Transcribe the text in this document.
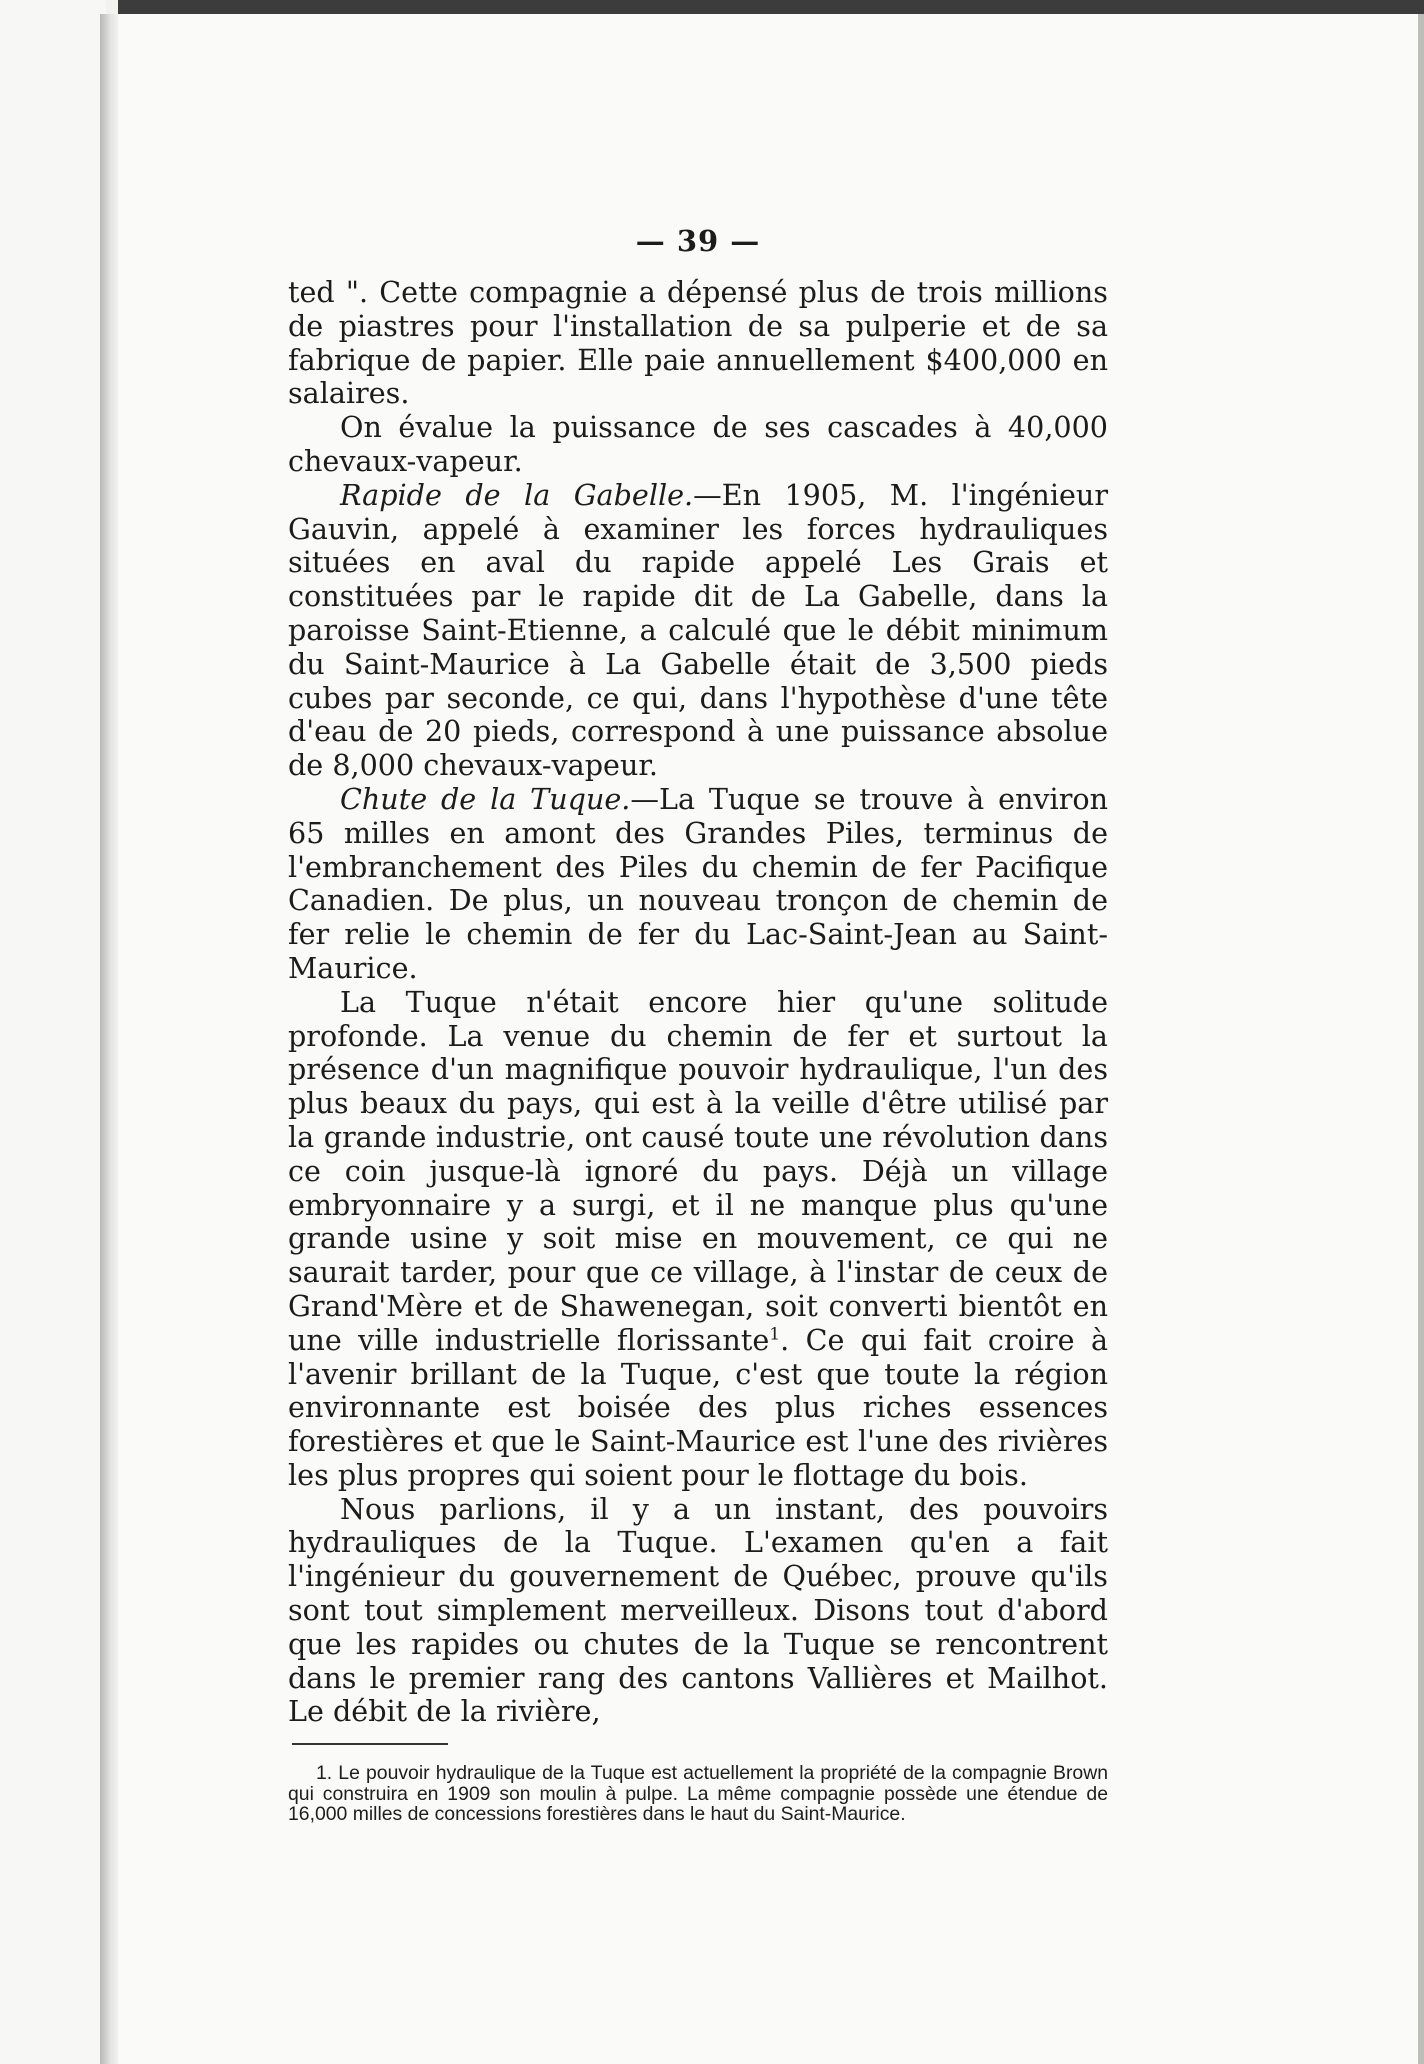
— 39 —

ted ". Cette compagnie a dépensé plus de trois millions de piastres pour l'installation de sa pulperie et de sa fabrique de papier. Elle paie annuellement $400,000 en salaires.

On évalue la puissance de ses cascades à 40,000 chevaux-vapeur.

Rapide de la Gabelle.—En 1905, M. l'ingénieur Gauvin, appelé à examiner les forces hydrauliques situées en aval du rapide appelé Les Grais et constituées par le rapide dit de La Gabelle, dans la paroisse Saint-Etienne, a calculé que le débit minimum du Saint-Maurice à La Gabelle était de 3,500 pieds cubes par seconde, ce qui, dans l'hypothèse d'une tête d'eau de 20 pieds, correspond à une puissance absolue de 8,000 chevaux-vapeur.

Chute de la Tuque.—La Tuque se trouve à environ 65 milles en amont des Grandes Piles, terminus de l'embranchement des Piles du chemin de fer Pacifique Canadien. De plus, un nouveau tronçon de chemin de fer relie le chemin de fer du Lac-Saint-Jean au Saint-Maurice.

La Tuque n'était encore hier qu'une solitude profonde. La venue du chemin de fer et surtout la présence d'un magnifique pouvoir hydraulique, l'un des plus beaux du pays, qui est à la veille d'être utilisé par la grande industrie, ont causé toute une révolution dans ce coin jusque-là ignoré du pays. Déjà un village embryonnaire y a surgi, et il ne manque plus qu'une grande usine y soit mise en mouvement, ce qui ne saurait tarder, pour que ce village, à l'instar de ceux de Grand'Mère et de Shawenegan, soit converti bientôt en une ville industrielle florissante$^1$. Ce qui fait croire à l'avenir brillant de la Tuque, c'est que toute la région environnante est boisée des plus riches essences forestières et que le Saint-Maurice est l'une des rivières les plus propres qui soient pour le flottage du bois.

Nous parlions, il y a un instant, des pouvoirs hydrauliques de la Tuque. L'examen qu'en a fait l'ingénieur du gouvernement de Québec, prouve qu'ils sont tout simplement merveilleux. Disons tout d'abord que les rapides ou chutes de la Tuque se rencontrent dans le premier rang des cantons Vallières et Mailhot. Le débit de la rivière,

1. Le pouvoir hydraulique de la Tuque est actuellement la propriété de la compagnie Brown qui construira en 1909 son moulin à pulpe. La même compagnie possède une étendue de 16,000 milles de concessions forestières dans le haut du Saint-Maurice.
